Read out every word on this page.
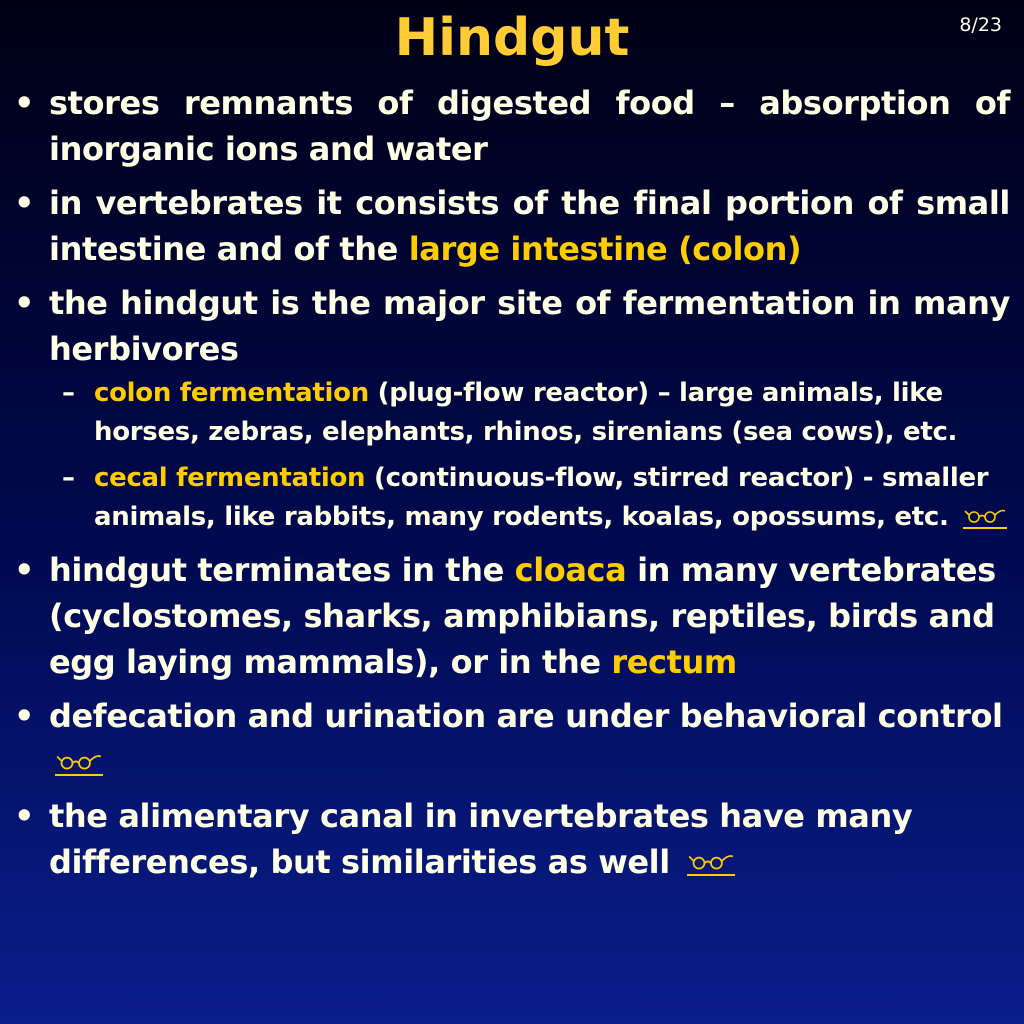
Hindgut	8/23
• stores remnants of digested food – absorption of inorganic ions and water
• in vertebrates it consists of the final portion of small intestine and of the large intestine (colon)
• the hindgut is the major site of fermentation in many herbivores
– colon fermentation (plug-flow reactor) – large animals, like horses, zebras, elephants, rhinos, sirenians (sea cows), etc.
– cecal fermentation (continuous-flow, stirred reactor) - smaller animals, like rabbits, many rodents, koalas, opossums, etc.
• hindgut terminates in the cloaca in many vertebrates (cyclostomes, sharks, amphibians, reptiles, birds and egg laying mammals), or in the rectum
• defecation and urination are under behavioral control
• the alimentary canal in invertebrates have many differences, but similarities as well
